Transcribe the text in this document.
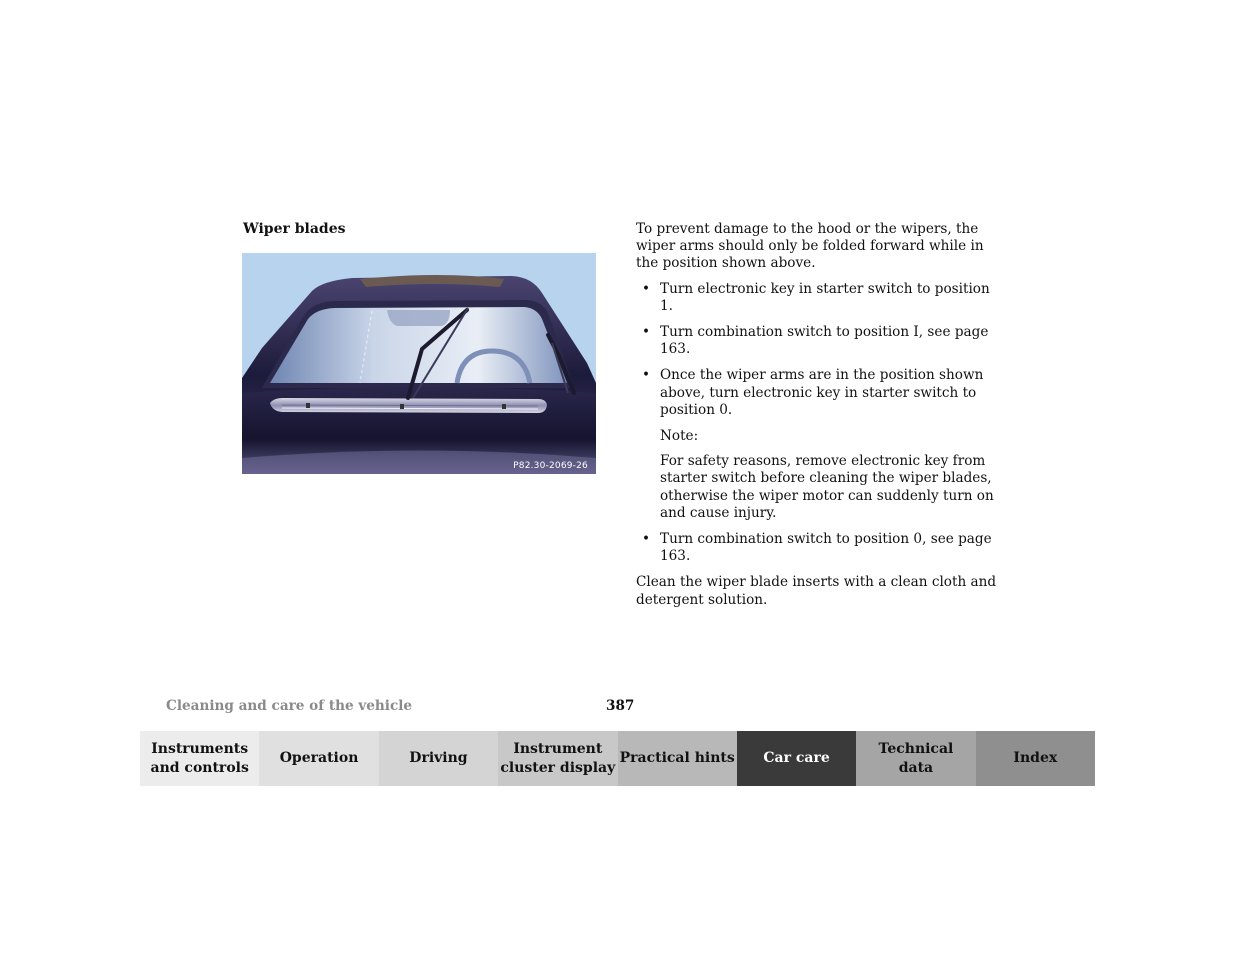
Wiper blades
P82.30-2069-26

To prevent damage to the hood or the wipers, the wiper arms should only be folded forward while in the position shown above.

• Turn electronic key in starter switch to position 1.
• Turn combination switch to position I, see page 163.
• Once the wiper arms are in the position shown above, turn electronic key in starter switch to position 0.

Note:

For safety reasons, remove electronic key from starter switch before cleaning the wiper blades, otherwise the wiper motor can suddenly turn on and cause injury.

• Turn combination switch to position 0, see page 163.

Clean the wiper blade inserts with a clean cloth and detergent solution.

Cleaning and care of the vehicle	387
Instruments
and controls
Operation	Driving
Instrument
cluster display
Practical hints	Car care
Technical
data
Index
